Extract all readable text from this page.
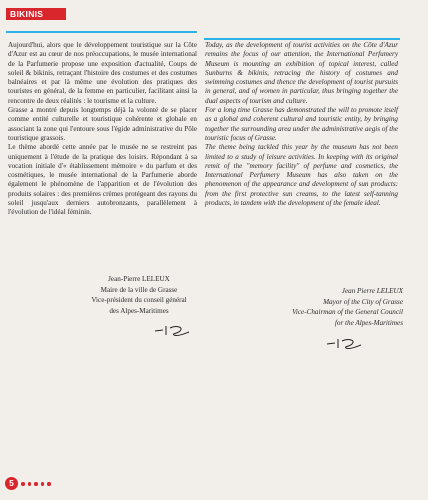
BIKINIS

Aujourd'hui, alors que le développement touristique sur la Côte d'Azur est au cœur de nos préoccupations, le musée international de la Parfumerie propose une exposition d'actualité, Coups de soleil & bikinis, retraçant l'histoire des costumes et des costumes balnéaires et par là même une évolution des pratiques des touristes en général, de la femme en particulier, facilitant ainsi la rencontre de deux réalités : le tourisme et la culture.

Grasse a montré depuis longtemps déjà la volonté de se placer comme entité culturelle et touristique cohérente et globale en associant la zone qui l'entoure sous l'égide administrative du Pôle touristique grassois.

Le thème abordé cette année par le musée ne se restreint pas uniquement à l'étude de la pratique des loisirs. Répondant à sa vocation initiale d'« établissement mémoire » du parfum et des cosmétiques, le musée international de la Parfumerie aborde également le phénomène de l'apparition et de l'évolution des produits solaires : des premières crèmes protégeant des rayons du soleil jusqu'aux derniers autobronzants, parallèlement à l'évolution de l'idéal féminin.

Today, as the development of tourist activities on the Côte d'Azur remains the focus of our attention, the International Perfumery Museum is mounting an exhibition of topical interest, called Sunburns & bikinis, retracing the history of costumes and swimming costumes and thence the development of tourist pursuits in general, and of women in particular, thus bringing together the dual aspects of tourism and culture.

For a long time Grasse has demonstrated the will to promote itself as a global and coherent cultural and touristic entity, by bringing together the surrounding area under the administrative aegis of the touristic focus of Grasse.

The theme being tackled this year by the museum has not been limited to a study of leisure activities. In keeping with its original remit of the "memory facility" of perfume and cosmetics, the International Perfumery Museum has also taken on the phenomenon of the appearance and development of sun products: from the first protective sun creams, to the latest self-tanning products, in tandem with the development of the female ideal.

Jean-Pierre LELEUX
Maire de la ville de Grasse
Vice-président du conseil général
des Alpes-Maritimes
Jean Pierre LELEUX
Mayor of the City of Grasse
Vice-Chairman of the General Council
for the Alpes-Maritimes
5
